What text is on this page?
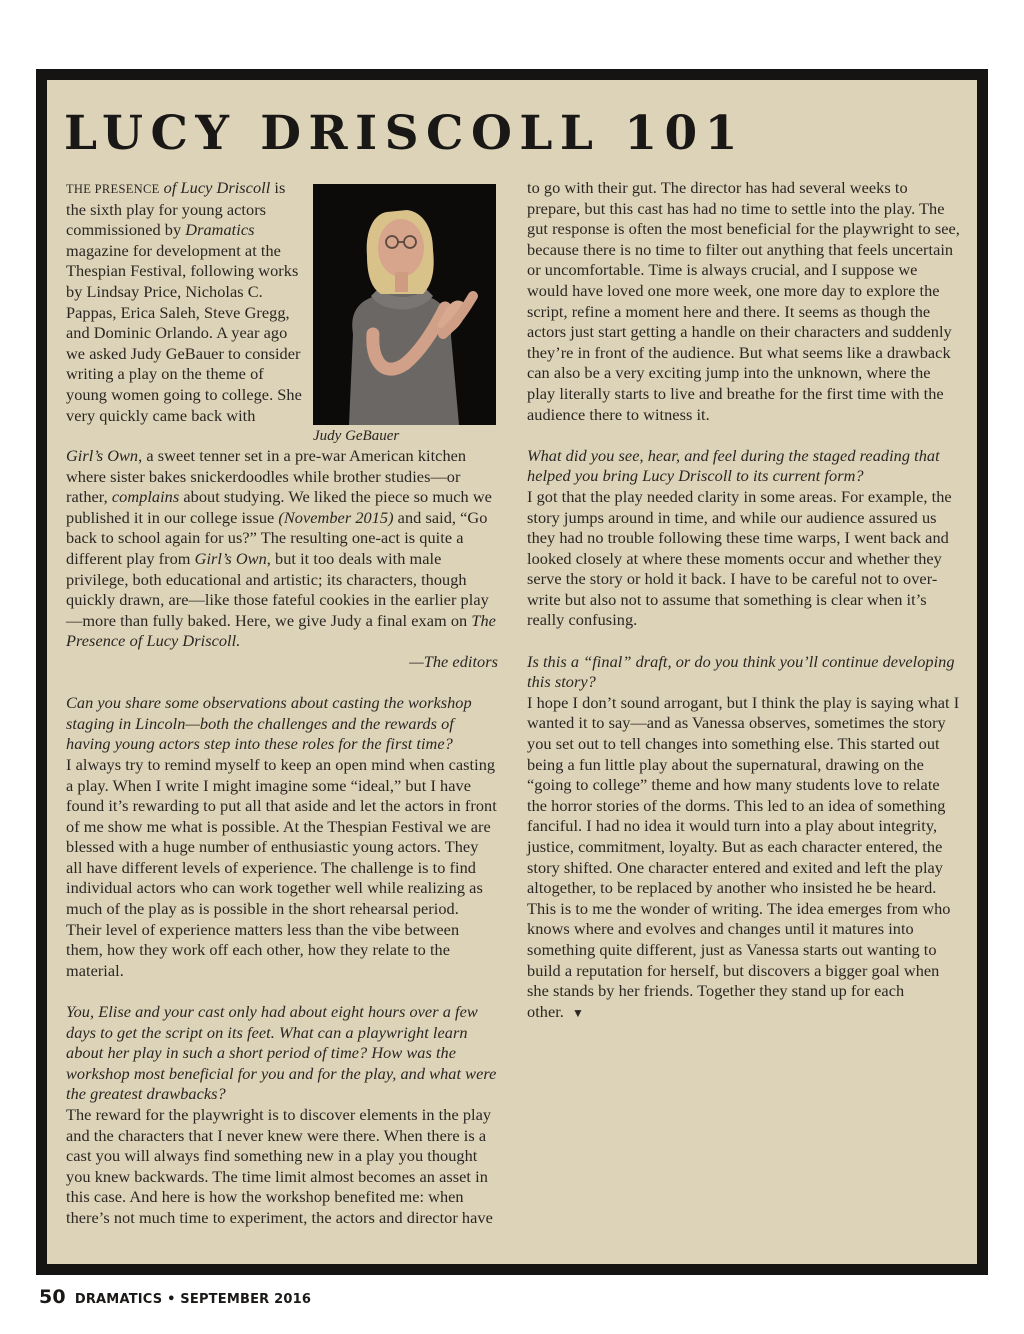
LUCY DRISCOLL 101
THE PRESENCE of Lucy Driscoll is the sixth play for young actors commissioned by Dramatics magazine for development at the Thespian Festival, following works by Lindsay Price, Nicholas C. Pappas, Erica Saleh, Steve Gregg, and Dominic Orlando. A year ago we asked Judy GeBauer to consider writing a play on the theme of young women going to college. She very quickly came back with
Judy GeBauer

Girl’s Own, a sweet tenner set in a pre-war American kitchen where sister bakes snickerdoodles while brother studies—or rather, complains about studying. We liked the piece so much we published it in our college issue (November 2015) and said, “Go back to school again for us?” The resulting one-act is quite a different play from Girl’s Own, but it too deals with male privilege, both educational and artistic; its characters, though quickly drawn, are—like those fateful cookies in the earlier play—more than fully baked. Here, we give Judy a final exam on The Presence of Lucy Driscoll.

—The editors

Can you share some observations about casting the workshop staging in Lincoln—both the challenges and the rewards of having young actors step into these roles for the first time?

I always try to remind myself to keep an open mind when casting a play. When I write I might imagine some “ideal,” but I have found it’s rewarding to put all that aside and let the actors in front of me show me what is possible. At the Thespian Festival we are blessed with a huge number of enthusiastic young actors. They all have different levels of experience. The challenge is to find individual actors who can work together well while realizing as much of the play as is possible in the short rehearsal period. Their level of experience matters less than the vibe between them, how they work off each other, how they relate to the material.

You, Elise and your cast only had about eight hours over a few days to get the script on its feet. What can a playwright learn about her play in such a short period of time? How was the workshop most beneficial for you and for the play, and what were the greatest drawbacks?

The reward for the playwright is to discover elements in the play and the characters that I never knew were there. When there is a cast you will always find something new in a play you thought you knew backwards. The time limit almost becomes an asset in this case. And here is how the workshop benefited me: when there’s not much time to experiment, the actors and director have

to go with their gut. The director has had several weeks to prepare, but this cast has had no time to settle into the play. The gut response is often the most beneficial for the playwright to see, because there is no time to filter out anything that feels uncertain or uncomfortable. Time is always crucial, and I suppose we would have loved one more week, one more day to explore the script, refine a moment here and there. It seems as though the actors just start getting a handle on their characters and suddenly they’re in front of the audience. But what seems like a drawback can also be a very exciting jump into the unknown, where the play literally starts to live and breathe for the first time with the audience there to witness it.

What did you see, hear, and feel during the staged reading that helped you bring Lucy Driscoll to its current form?

I got that the play needed clarity in some areas. For example, the story jumps around in time, and while our audience assured us they had no trouble following these time warps, I went back and looked closely at where these moments occur and whether they serve the story or hold it back. I have to be careful not to over-write but also not to assume that something is clear when it’s really confusing.

Is this a “final” draft, or do you think you’ll continue developing this story?

I hope I don’t sound arrogant, but I think the play is saying what I wanted it to say—and as Vanessa observes, sometimes the story you set out to tell changes into something else. This started out being a fun little play about the supernatural, drawing on the “going to college” theme and how many students love to relate the horror stories of the dorms. This led to an idea of something fanciful. I had no idea it would turn into a play about integrity, justice, commitment, loyalty. But as each character entered, the story shifted. One character entered and exited and left the play altogether, to be replaced by another who insisted he be heard. This is to me the wonder of writing. The idea emerges from who knows where and evolves and changes until it matures into something quite different, just as Vanessa starts out wanting to build a reputation for herself, but discovers a bigger goal when she stands by her friends. Together they stand up for each other. ▼

50 DRAMATICS • SEPTEMBER 2016
